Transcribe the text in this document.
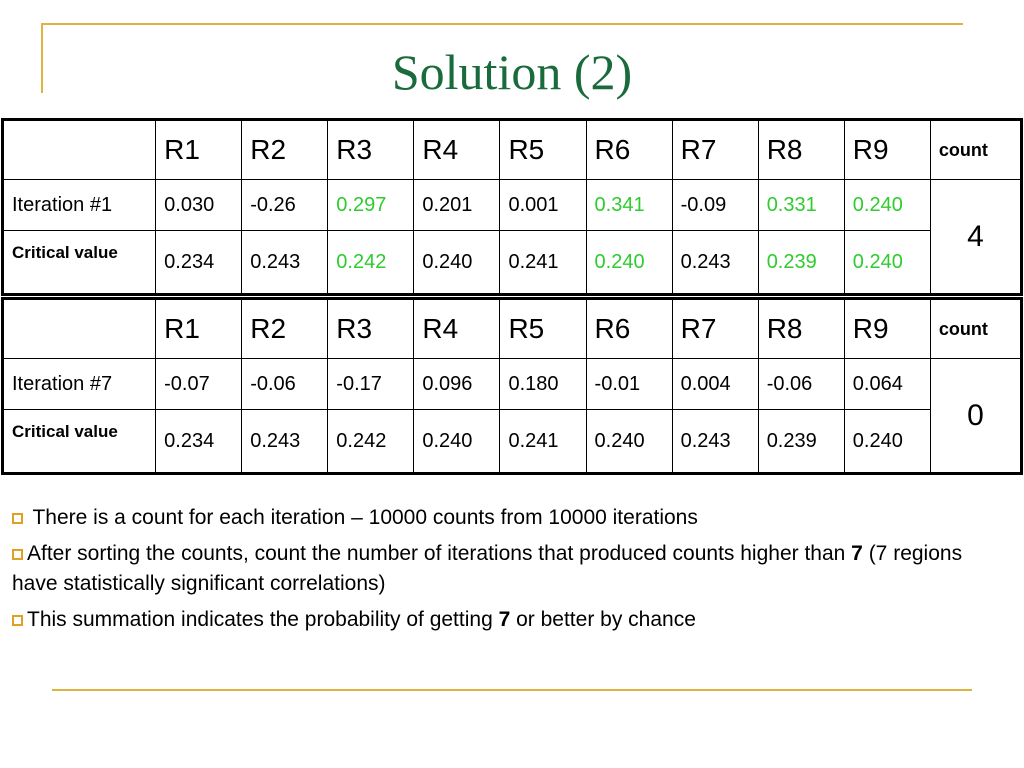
Solution (2)
	R1	R2	R3	R4	R5	R6	R7	R8	R9	count
Iteration #1	0.030	-0.26	0.297	0.201	0.001	0.341	-0.09	0.331	0.240	4
Critical value	0.234	0.243	0.242	0.240	0.241	0.240	0.243	0.239	0.240	
	R1	R2	R3	R4	R5	R6	R7	R8	R9	count
Iteration #7	-0.07	-0.06	-0.17	0.096	0.180	-0.01	0.004	-0.06	0.064	0
Critical value	0.234	0.243	0.242	0.240	0.241	0.240	0.243	0.239	0.240	
There is a count for each iteration – 10000 counts from 10000 iterations
After sorting the counts, count the number of iterations that produced counts higher than 7 (7 regions have statistically significant correlations)
This summation indicates the probability of getting 7 or better by chance
